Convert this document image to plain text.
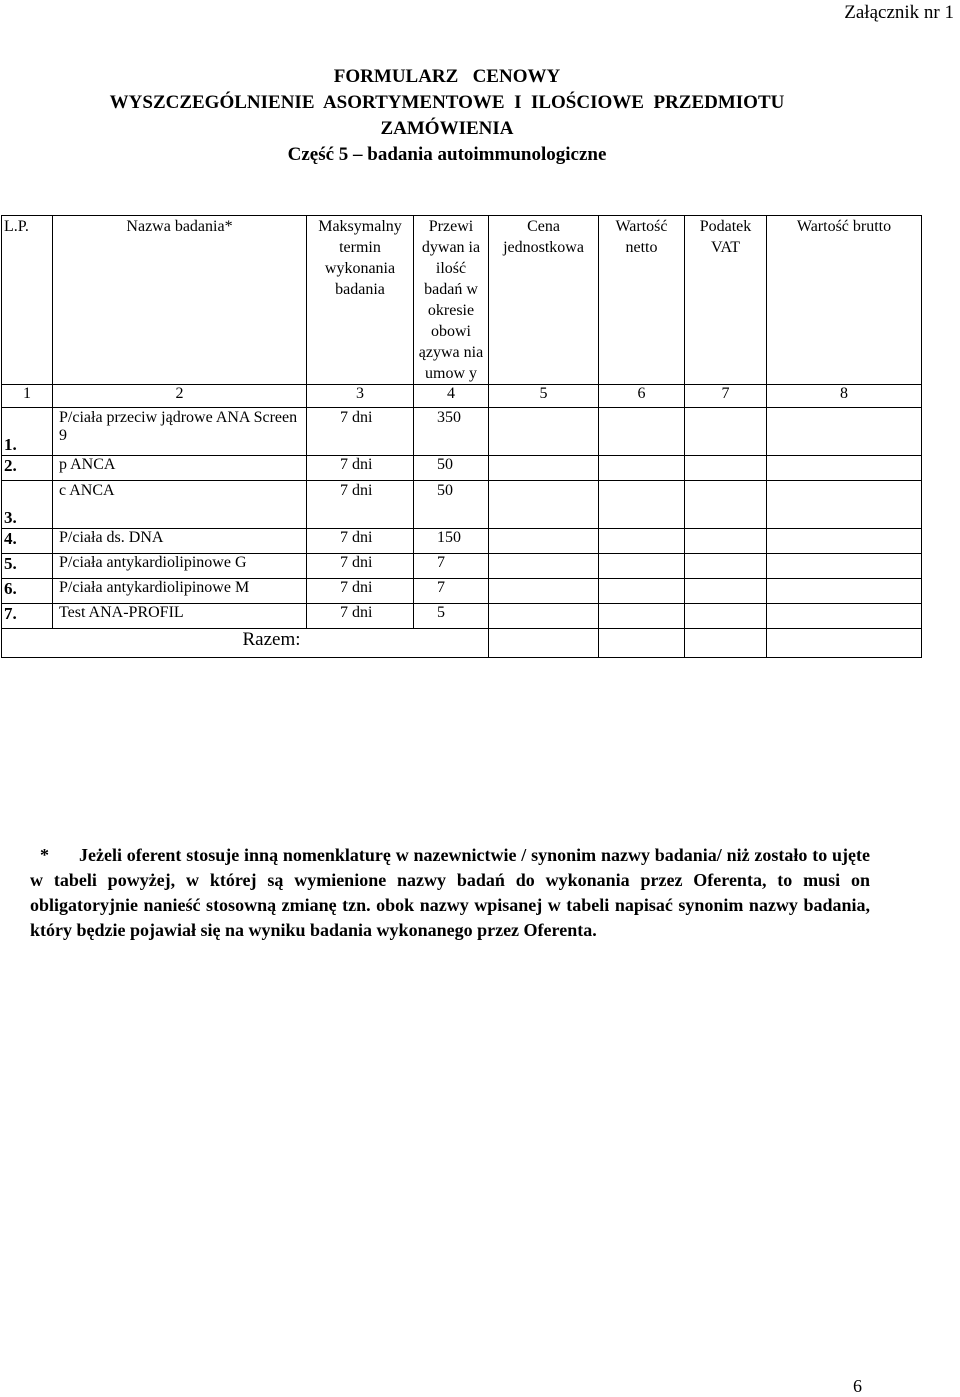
Załącznik nr 1
FORMULARZ   CENOWY
WYSZCZEGÓLNIENIE  ASORTYMENTOWE  I  ILOŚCIOWE  PRZEDMIOTU
ZAMÓWIENIA
Część 5 – badania autoimmunologiczne
L.P.	Nazwa badania*	Maksymalny termin wykonania badania	Przewi dywan ia ilość badań w okresie obowi ązywa nia umow y	Cena jednostkowa	Wartość netto	Podatek VAT	Wartość brutto
1	2	3	4	5	6	7	8
1.	P/ciała przeciw jądrowe ANA Screen 9	7 dni	350				
2.	p ANCA	7 dni	50				
3.	c ANCA	7 dni	50				
4.	P/ciała ds. DNA	7 dni	150				
5.	P/ciała antykardiolipinowe G	7 dni	7				
6.	P/ciała antykardiolipinowe M	7 dni	7				
7.	Test ANA-PROFIL	7 dni	5				
Razem:							
* Jeżeli oferent stosuje inną nomenklaturę w nazewnictwie / synonim nazwy badania/ niż zostało to ujęte w tabeli powyżej, w której są wymienione nazwy badań do wykonania przez Oferenta, to musi on obligatoryjnie nanieść stosowną zmianę tzn. obok nazwy wpisanej w tabeli napisać synonim nazwy badania, który będzie pojawiał się na wyniku badania wykonanego przez Oferenta.
6
